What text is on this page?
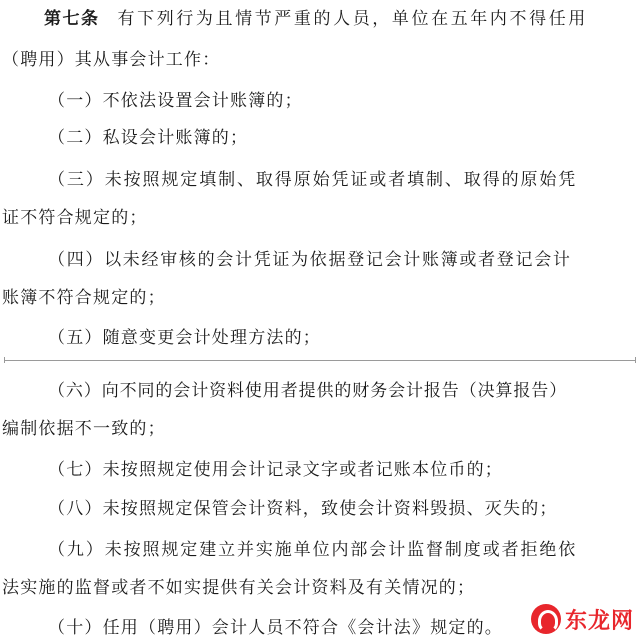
第七条 有下列行为且情节严重的人员，单位在五年内不得任用
（聘用）其从事会计工作：
（一）不依法设置会计账簿的；
（二）私设会计账簿的；
（三）未按照规定填制、取得原始凭证或者填制、取得的原始凭
证不符合规定的；
（四）以未经审核的会计凭证为依据登记会计账簿或者登记会计
账簿不符合规定的；
（五）随意变更会计处理方法的；
（六）向不同的会计资料使用者提供的财务会计报告（决算报告）
编制依据不一致的；
（七）未按照规定使用会计记录文字或者记账本位币的；
（八）未按照规定保管会计资料，致使会计资料毁损、灭失的；
（九）未按照规定建立并实施单位内部会计监督制度或者拒绝依
法实施的监督或者不如实提供有关会计资料及有关情况的；
（十）任用（聘用）会计人员不符合《会计法》规定的。	东龙网
